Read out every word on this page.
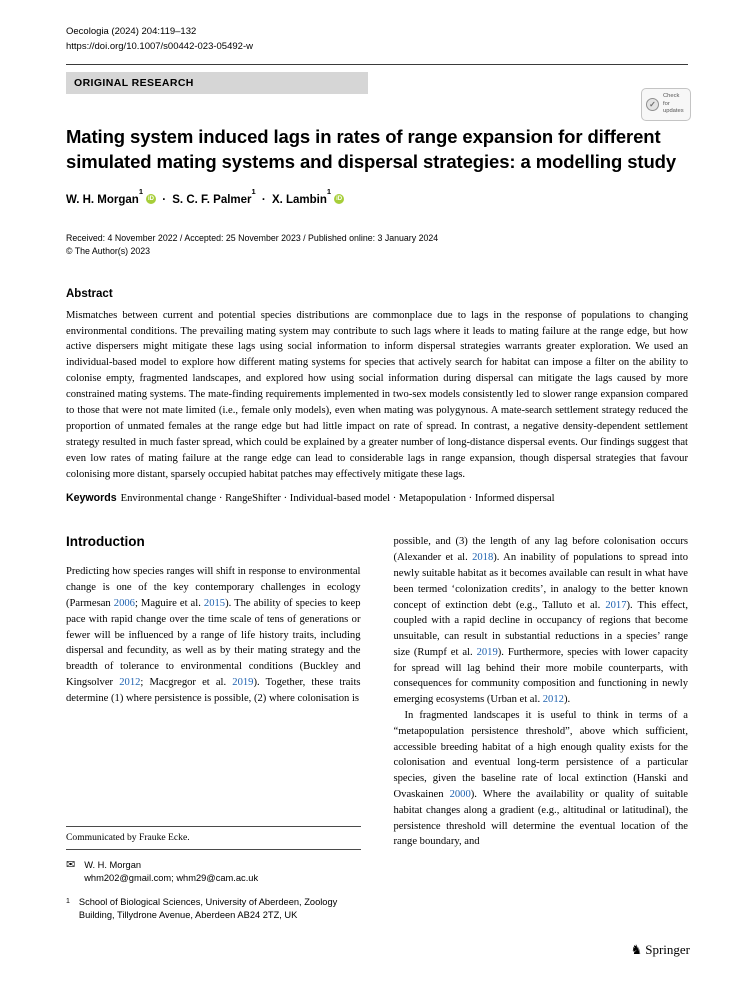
Oecologia (2024) 204:119–132
https://doi.org/10.1007/s00442-023-05492-w
ORIGINAL RESEARCH
✓
Check for
updates
Mating system induced lags in rates of range expansion for different simulated mating systems and dispersal strategies: a modelling study
W. H. Morgan$^1$iD · S. C. F. Palmer$^1$ · X. Lambin$^1$iD
Received: 4 November 2022 / Accepted: 25 November 2023 / Published online: 3 January 2024
© The Author(s) 2023
Abstract

Mismatches between current and potential species distributions are commonplace due to lags in the response of populations to changing environmental conditions. The prevailing mating system may contribute to such lags where it leads to mating failure at the range edge, but how active dispersers might mitigate these lags using social information to inform dispersal strategies warrants greater exploration. We used an individual-based model to explore how different mating systems for species that actively search for habitat can impose a filter on the ability to colonise empty, fragmented landscapes, and explored how using social information during dispersal can mitigate the lags caused by more constrained mating systems. The mate-finding requirements implemented in two-sex models consistently led to slower range expansion compared to those that were not mate limited (i.e., female only models), even when mating was polygynous. A mate-search settlement strategy reduced the proportion of unmated females at the range edge but had little impact on rate of spread. In contrast, a negative density-dependent settlement strategy resulted in much faster spread, which could be explained by a greater number of long-distance dispersal events. Our findings suggest that even low rates of mating failure at the range edge can lead to considerable lags in range expansion, though dispersal strategies that favour colonising more distant, sparsely occupied habitat patches may effectively mitigate these lags.

Keywords Environmental change · RangeShifter · Individual-based model · Metapopulation · Informed dispersal

Introduction

Predicting how species ranges will shift in response to environmental change is one of the key contemporary challenges in ecology (Parmesan 2006; Maguire et al. 2015). The ability of species to keep pace with rapid change over the time scale of tens of generations or fewer will be influenced by a range of life history traits, including dispersal and fecundity, as well as by their mating strategy and the breadth of tolerance to environmental conditions (Buckley and Kingsolver 2012; Macgregor et al. 2019). Together, these traits determine (1) where persistence is possible, (2) where colonisation is

Communicated by Frauke Ecke.
✉ W. H. Morgan
whm202@gmail.com; whm29@cam.ac.uk
$^1$ School of Biological Sciences, University of Aberdeen, Zoology Building, Tillydrone Avenue, Aberdeen AB24 2TZ, UK

possible, and (3) the length of any lag before colonisation occurs (Alexander et al. 2018). An inability of populations to spread into newly suitable habitat as it becomes available can result in what have been termed ‘colonization credits’, in analogy to the better known concept of extinction debt (e.g., Talluto et al. 2017). This effect, coupled with a rapid decline in occupancy of regions that become unsuitable, can result in substantial reductions in a species’ range size (Rumpf et al. 2019). Furthermore, species with lower capacity for spread will lag behind their more mobile counterparts, with consequences for community composition and functioning in newly emerging ecosystems (Urban et al. 2012).

In fragmented landscapes it is useful to think in terms of a “metapopulation persistence threshold”, above which sufficient, accessible breeding habitat of a high enough quality exists for the colonisation and eventual long-term persistence of a particular species, given the baseline rate of local extinction (Hanski and Ovaskainen 2000). Where the availability or quality of suitable habitat changes along a gradient (e.g., altitudinal or latitudinal), the persistence threshold will determine the eventual location of the range boundary, and

♞ Springer
